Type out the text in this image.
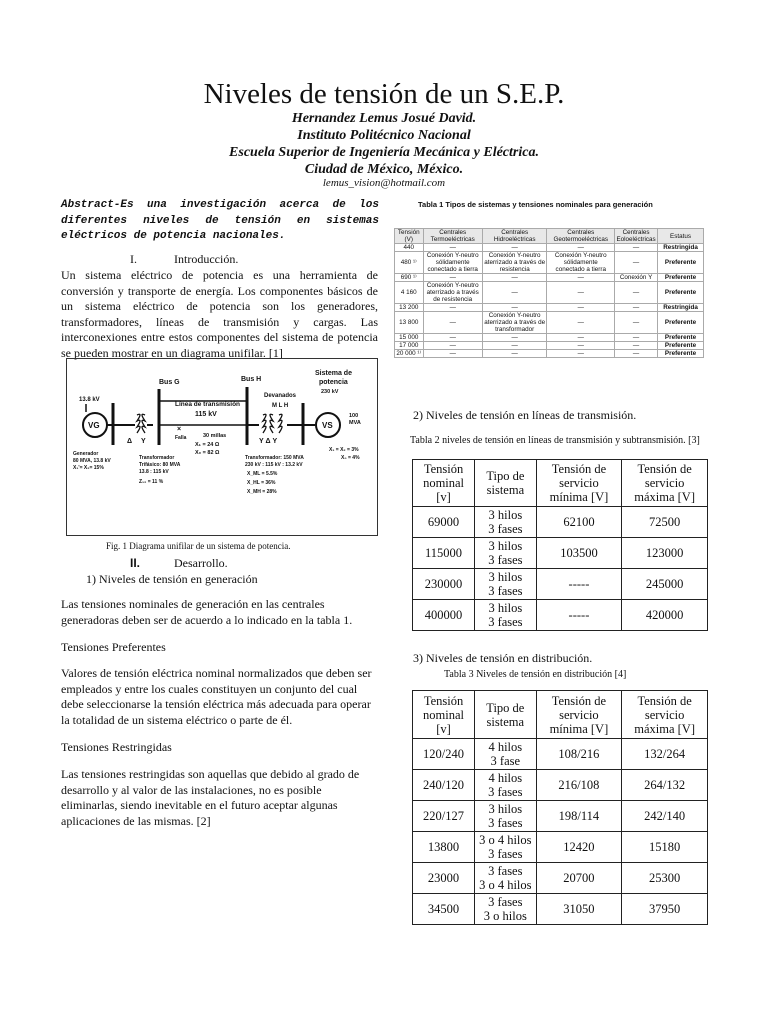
Niveles de tensión de un S.E.P.
Hernandez Lemus Josué David.
Instituto Politécnico Nacional
Escuela Superior de Ingeniería Mecánica y Eléctrica.
Ciudad de México, México.
lemus_vision@hotmail.com
Abstract-Es una investigación acerca de los diferentes niveles de tensión en sistemas eléctricos de potencia nacionales.
I.	Introducción.
Un sistema eléctrico de potencia es una herramienta de conversión y transporte de energía. Los componentes básicos de un sistema eléctrico de potencia son los generadores, transformadores, líneas de transmisión y cargas. Las interconexiones entre estos componentes del sistema de potencia se pueden mostrar en un diagrama unifilar. [1]
13.8 kV
VG
Δ Y
Bus G
Línea de transmisión
115 kV
×
Falla	30 millas
X₁ = 24 Ω
X₀ = 82 Ω
Bus H
Devanados
M L H
Y Δ Y
Sistema de
potencia
230 kV
VS
100
MVA
Generador
80 MVA, 13.8 kV
X₁'= X₂= 15%
Transformador
Trifásico: 80 MVA
13.8 : 115 kV
Z₁₂ = 11 %
Transformador: 150 MVA
230 kV : 115 kV : 13.2 kV
X_ML = 5.5%
X_HL = 36%
X_MH = 28%
X₁ = X₂ = 3%
X₀ = 4%
Fig. 1 Diagrama unifilar de un sistema de potencia.
II.	Desarrollo.
1) Niveles de tensión en generación
Las tensiones nominales de generación en las centrales generadoras deben ser de acuerdo a lo indicado en la tabla 1.
Tensiones Preferentes
Valores de tensión eléctrica nominal normalizados que deben ser empleados y entre los cuales constituyen un conjunto del cual debe seleccionarse la tensión eléctrica más adecuada para operar la totalidad de un sistema eléctrico o parte de él.
Tensiones Restringidas
Las tensiones restringidas son aquellas que debido al grado de desarrollo y al valor de las instalaciones, no es posible eliminarlas, siendo inevitable en el futuro aceptar algunas aplicaciones de las mismas. [2]
Tabla 1 Tipos de sistemas y tensiones nominales para generación
Tensión (V)	Centrales Termoeléctricas	Centrales Hidroeléctricas	Centrales Geotermoeléctricas	Centrales Eoloeléctricas	Estatus
440	—	—	—	—	Restringida
480 ¹⁾	Conexión Y-neutro sólidamente conectado a tierra	Conexión Y-neutro aterrizado a través de resistencia	Conexión Y-neutro sólidamente conectado a tierra	—	Preferente
690 ¹⁾	—	—	—	Conexión Y	Preferente
4 160	Conexión Y-neutro aterrizado a través de resistencia	—	—	—	Preferente
13 200	—	—	—	—	Restringida
13 800	—	Conexión Y-neutro aterrizado a través de transformador	—	—	Preferente
15 000	—	—	—	—	Preferente
17 000	—	—	—	—	Preferente
20 000 ¹⁾	—	—	—	—	Preferente
2) Niveles de tensión en líneas de transmisión.
Tabla 2 niveles de tensión en líneas de transmisión y subtransmisión. [3]
Tensión nominal [v]	Tipo de sistema	Tensión de servicio mínima [V]	Tensión de servicio máxima [V]
69000	3 hilos
3 fases	62100	72500
115000	3 hilos
3 fases	103500	123000
230000	3 hilos
3 fases	-----	245000
400000	3 hilos
3 fases	-----	420000
3) Niveles de tensión en distribución.
Tabla 3 Niveles de tensión en distribución [4]
Tensión nominal [v]	Tipo de sistema	Tensión de servicio mínima [V]	Tensión de servicio máxima [V]
120/240	4 hilos
3 fase	108/216	132/264
240/120	4 hilos
3 fases	216/108	264/132
220/127	3 hilos
3 fases	198/114	242/140
13800	3 o 4 hilos
3 fases	12420	15180
23000	3 fases
3 o 4 hilos	20700	25300
34500	3 fases
3 o hilos	31050	37950
